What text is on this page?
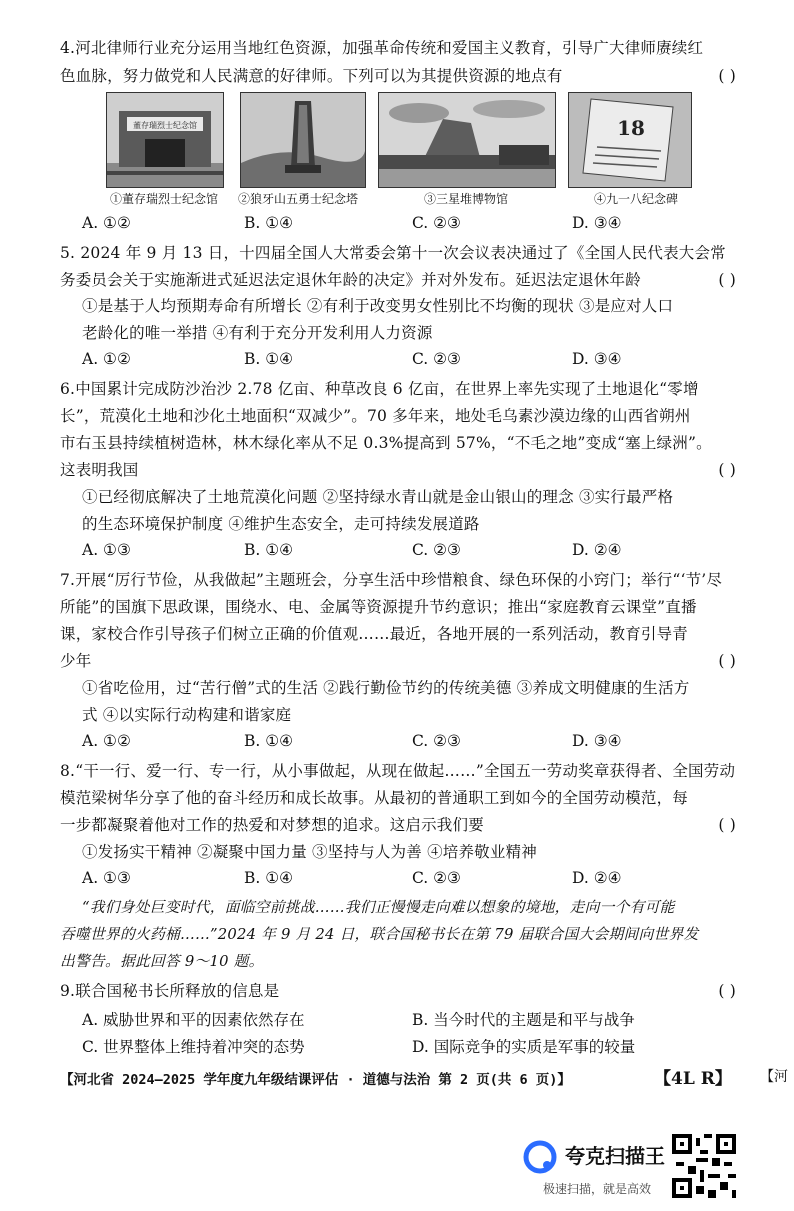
4.河北律师行业充分运用当地红色资源，加强革命传统和爱国主义教育，引导广大律师赓续红
色血脉，努力做党和人民满意的好律师。下列可以为其提供资源的地点有	( )
董存瑞烈士纪念馆	18
①董存瑞烈士纪念馆 ②狼牙山五勇士纪念塔	③三星堆博物馆	④九一八纪念碑
A. ①②	B. ①④	C. ②③	D. ③④
5. 2024 年 9 月 13 日，十四届全国人大常委会第十一次会议表决通过了《全国人民代表大会常
务委员会关于实施渐进式延迟法定退休年龄的决定》并对外发布。延迟法定退休年龄	( )
①是基于人均预期寿命有所增长 ②有利于改变男女性别比不均衡的现状 ③是应对人口
老龄化的唯一举措 ④有利于充分开发利用人力资源
A. ①②	B. ①④	C. ②③	D. ③④
6.中国累计完成防沙治沙 2.78 亿亩、种草改良 6 亿亩，在世界上率先实现了土地退化“零增
长”，荒漠化土地和沙化土地面积“双减少”。70 多年来，地处毛乌素沙漠边缘的山西省朔州
市右玉县持续植树造林，林木绿化率从不足 0.3%提高到 57%，“不毛之地”变成“塞上绿洲”。
这表明我国	( )
①已经彻底解决了土地荒漠化问题 ②坚持绿水青山就是金山银山的理念 ③实行最严格
的生态环境保护制度 ④维护生态安全，走可持续发展道路
A. ①③	B. ①④	C. ②③	D. ②④
7.开展“厉行节俭，从我做起”主题班会，分享生活中珍惜粮食、绿色环保的小窍门；举行“‘节’尽
所能”的国旗下思政课，围绕水、电、金属等资源提升节约意识；推出“家庭教育云课堂”直播
课，家校合作引导孩子们树立正确的价值观……最近，各地开展的一系列活动，教育引导青
少年	( )
①省吃俭用，过“苦行僧”式的生活 ②践行勤俭节约的传统美德 ③养成文明健康的生活方
式 ④以实际行动构建和谐家庭
A. ①②	B. ①④	C. ②③	D. ③④
8.“干一行、爱一行、专一行，从小事做起，从现在做起……”全国五一劳动奖章获得者、全国劳动
模范梁树华分享了他的奋斗经历和成长故事。从最初的普通职工到如今的全国劳动模范，每
一步都凝聚着他对工作的热爱和对梦想的追求。这启示我们要	( )
①发扬实干精神 ②凝聚中国力量 ③坚持与人为善 ④培养敬业精神
A. ①③	B. ①④	C. ②③	D. ②④
“我们身处巨变时代，面临空前挑战……我们正慢慢走向难以想象的境地，走向一个有可能
吞噬世界的火药桶……”2024 年 9 月 24 日，联合国秘书长在第 79 届联合国大会期间向世界发
出警告。据此回答 9～10 题。
9.联合国秘书长所释放的信息是	( )
A. 威胁世界和平的因素依然存在	B. 当今时代的主题是和平与战争
C. 世界整体上维持着冲突的态势	D. 国际竞争的实质是军事的较量
【河北省 2024—2025 学年度九年级结课评估 · 道德与法治 第 2 页(共 6 页)】	【4L R】 【河
夸克扫描王
极速扫描，就是高效
